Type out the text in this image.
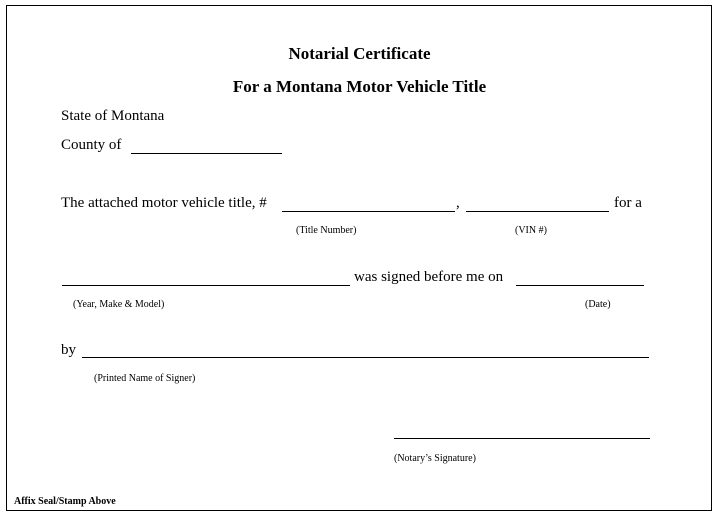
Notarial Certificate
For a Montana Motor Vehicle Title
State of Montana
County of
The attached motor vehicle title, #	,	for a
(Title Number)	(VIN #)
was signed before me on
(Year, Make & Model)	(Date)
by
(Printed Name of Signer)
(Notary’s Signature)
Affix Seal/Stamp Above
